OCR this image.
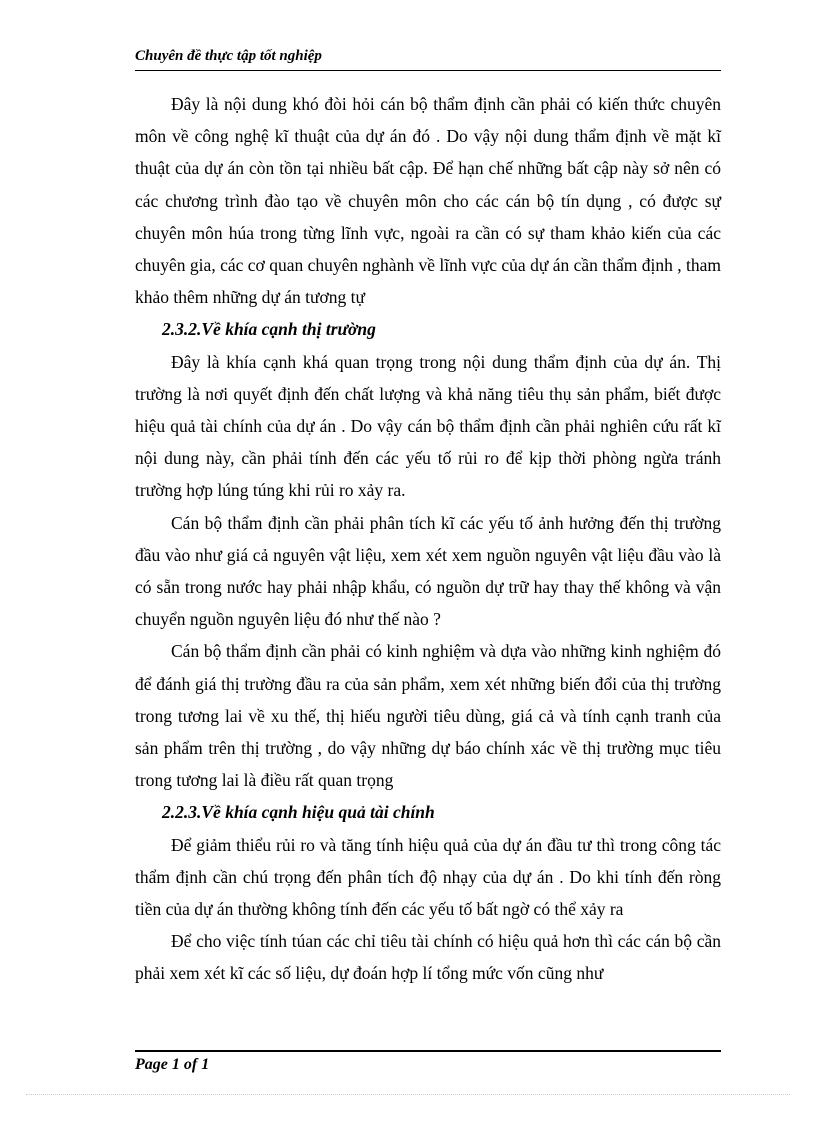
Chuyên đề thực tập tốt nghiệp

Đây là nội dung khó đòi hỏi cán bộ thẩm định cần phải có kiến thức chuyên môn về công nghệ kĩ thuật của dự án đó . Do vậy nội dung thẩm định về mặt kĩ thuật của dự án còn tồn tại nhiều bất cập. Để hạn chế những bất cập này sở nên có các chương trình đào tạo về chuyên môn cho các cán bộ tín dụng , có được sự chuyên môn húa trong từng lĩnh vực, ngoài ra cần có sự tham khảo kiến của các chuyên gia, các cơ quan chuyên nghành về lĩnh vực của dự án cần thẩm định , tham khảo thêm những dự án tương tự

2.3.2.Về khía cạnh thị trường

Đây là khía cạnh khá quan trọng trong nội dung thẩm định của dự án. Thị trường là nơi quyết định đến chất lượng và khả năng tiêu thụ sản phẩm, biết được hiệu quả tài chính của dự án . Do vậy cán bộ thẩm định cần phải nghiên cứu rất kĩ nội dung này, cần phải tính đến các yếu tố rủi ro để kịp thời phòng ngừa tránh trường hợp lúng túng khi rủi ro xảy ra.

Cán bộ thẩm định cần phải phân tích kĩ các yếu tố ảnh hưởng đến thị trường đầu vào như giá cả nguyên vật liệu, xem xét xem nguồn nguyên vật liệu đầu vào là có sẵn trong nước hay phải nhập khẩu, có nguồn dự trữ hay thay thế không và vận chuyển nguồn nguyên liệu đó như thế nào ?

Cán bộ thẩm định cần phải có kinh nghiệm và dựa vào những kinh nghiệm đó để đánh giá thị trường đầu ra của sản phẩm, xem xét những biến đổi của thị trường trong tương lai về xu thế, thị hiếu người tiêu dùng, giá cả và tính cạnh tranh của sản phẩm trên thị trường , do vậy những dự báo chính xác về thị trường mục tiêu trong tương lai là điều rất quan trọng

2.2.3.Về khía cạnh hiệu quả tài chính

Để giảm thiểu rủi ro và tăng tính hiệu quả của dự án đầu tư thì trong công tác thẩm định cần chú trọng đến phân tích độ nhạy của dự án . Do khi tính đến ròng tiền của dự án thường không tính đến các yếu tố bất ngờ có thể xảy ra

Để cho việc tính túan các chỉ tiêu tài chính có hiệu quả hơn thì các cán bộ cần phải xem xét kĩ các số liệu, dự đoán hợp lí tổng mức vốn cũng như

Page 1 of 1
